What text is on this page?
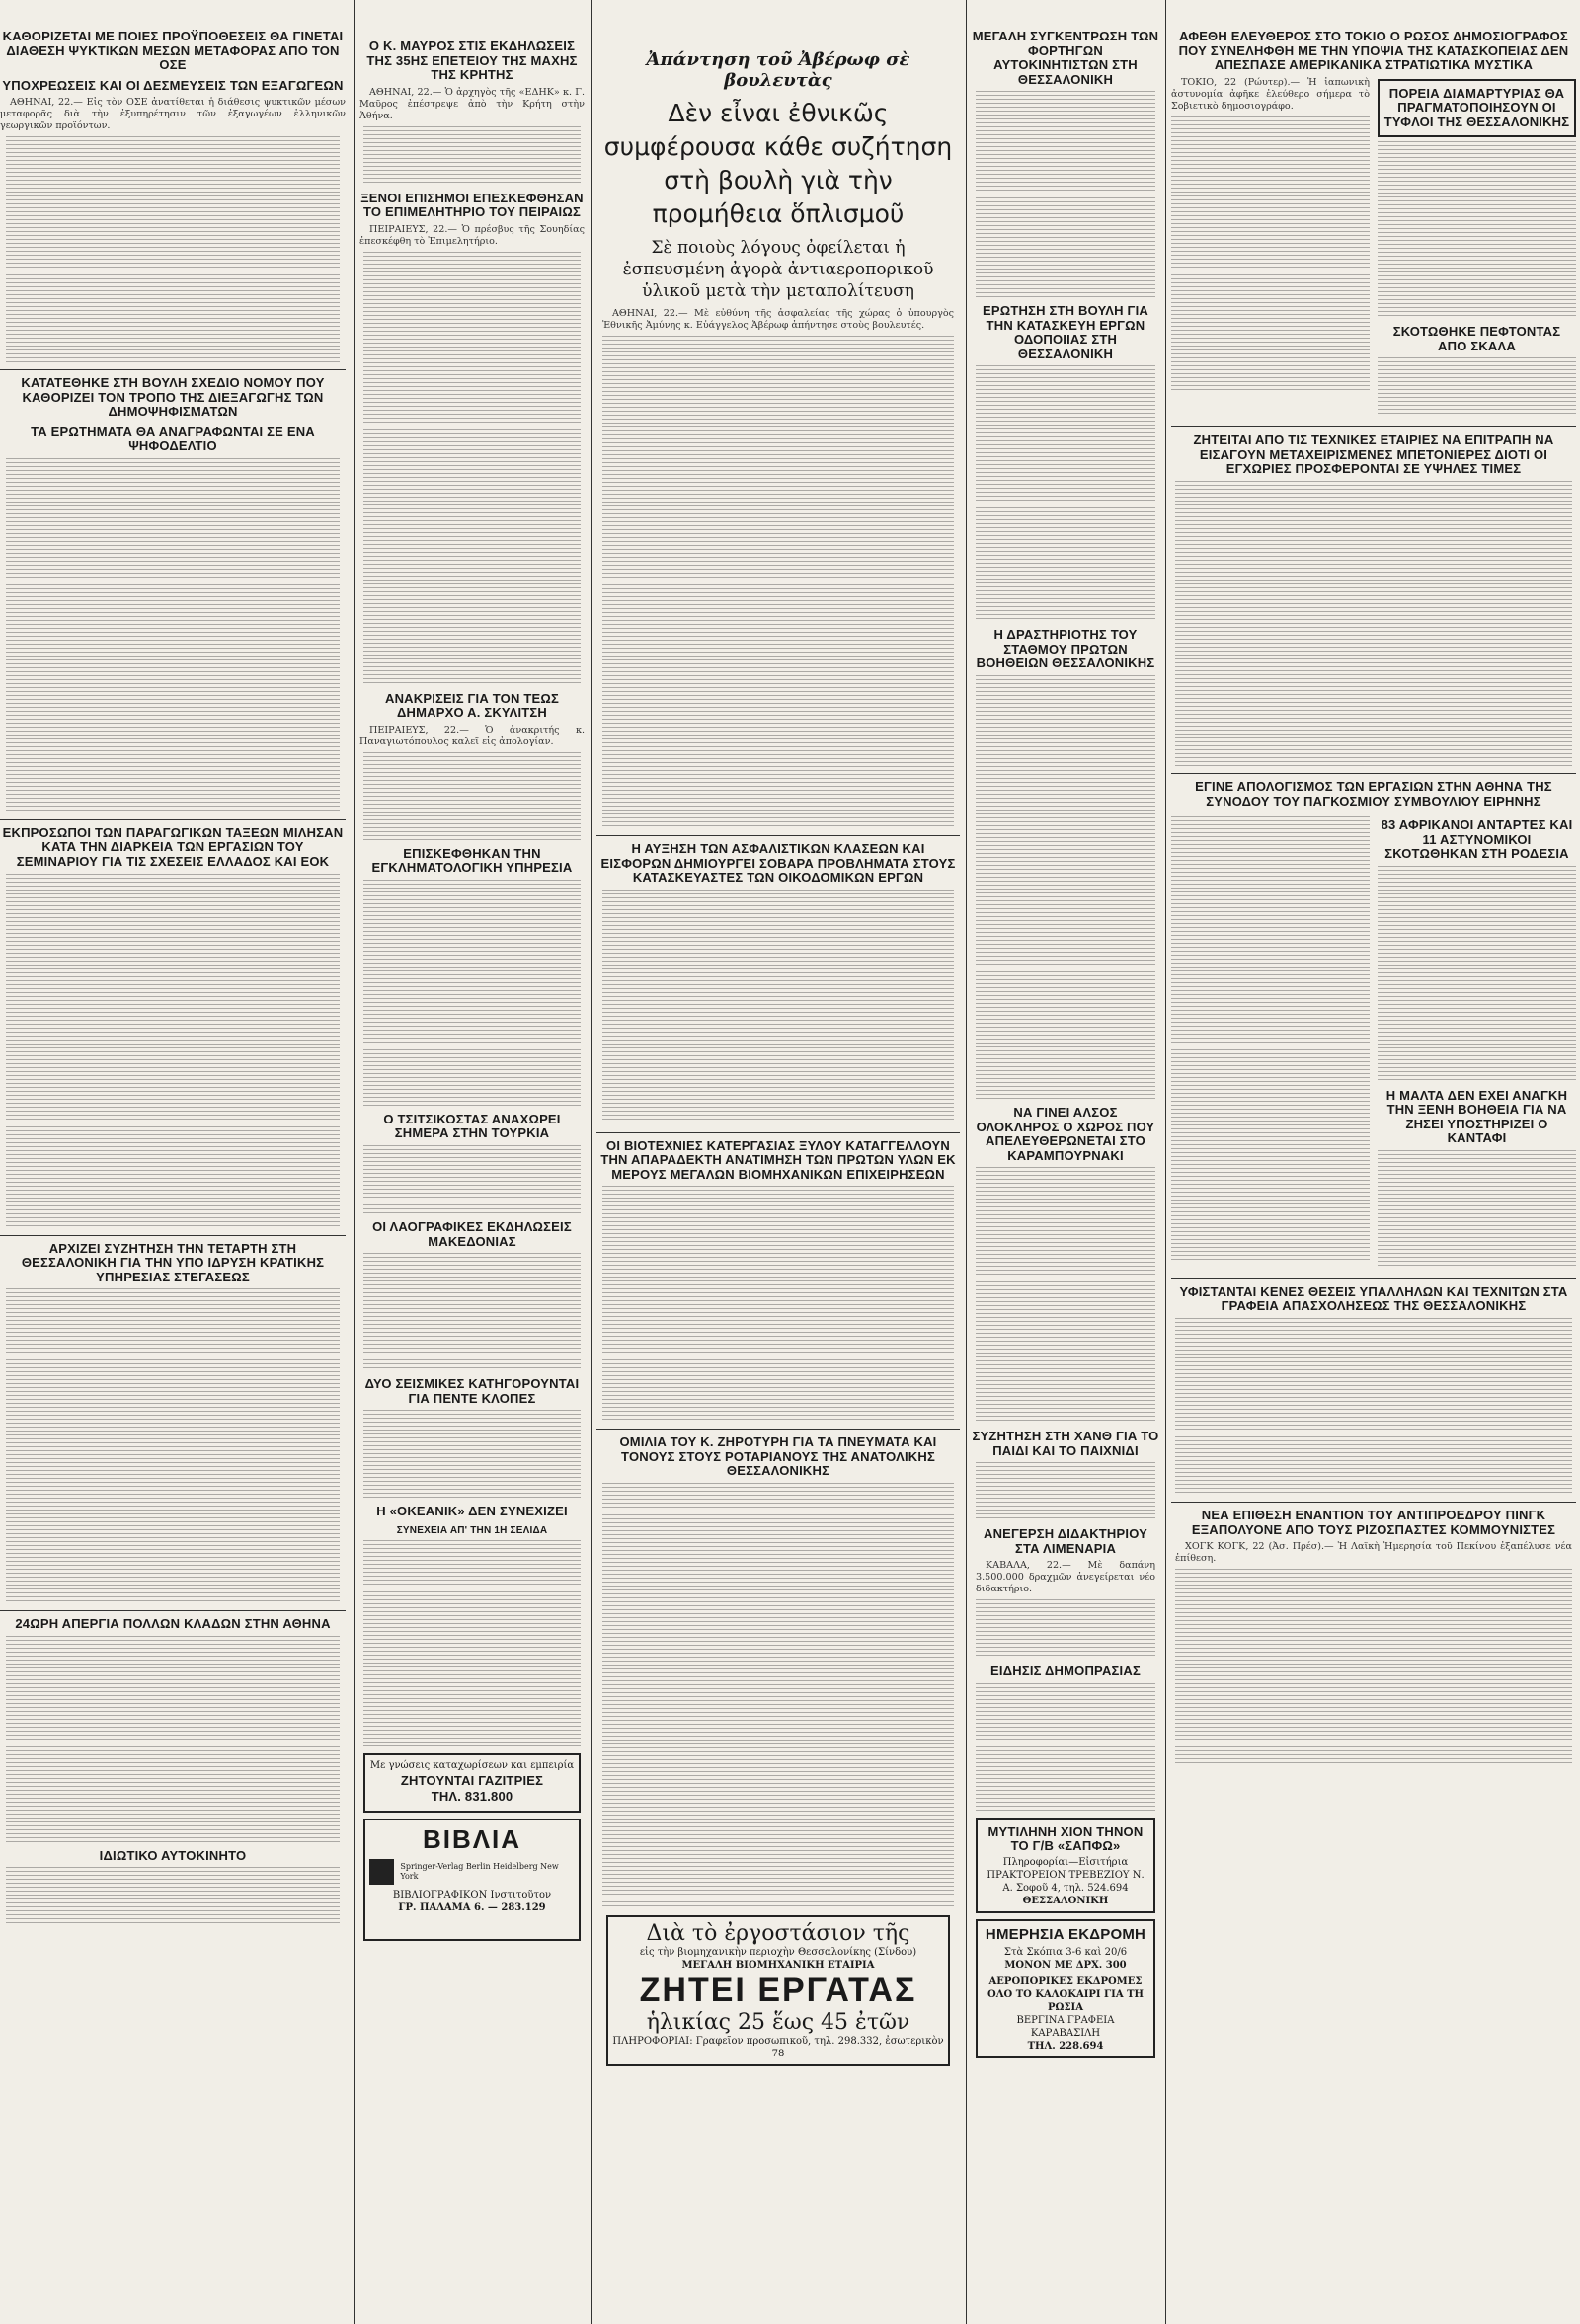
ΚΑΘΟΡΙΖΕΤΑΙ ΜΕ ΠΟΙΕΣ ΠΡΟΫΠΟΘΕΣΕΙΣ ΘΑ ΓΙΝΕΤΑΙ ΔΙΑΘΕΣΗ ΨΥΚΤΙΚΩΝ ΜΕΣΩΝ ΜΕΤΑΦΟΡΑΣ ΑΠΟ ΤΟΝ ΟΣΕ
ΥΠΟΧΡΕΩΣΕΙΣ ΚΑΙ ΟΙ ΔΕΣΜΕΥΣΕΙΣ ΤΩΝ ΕΞΑΓΩΓΕΩΝ

ΑΘΗΝΑΙ, 22.— Εἰς τὸν ΟΣΕ ἀνατίθεται ἡ διάθεσις ψυκτικῶν μέσων μεταφορᾶς διὰ τὴν ἐξυπηρέτησιν τῶν ἐξαγωγέων ἑλληνικῶν γεωργικῶν προϊόντων.

ΚΑΤΑΤΕΘΗΚΕ ΣΤΗ ΒΟΥΛΗ ΣΧΕΔΙΟ ΝΟΜΟΥ ΠΟΥ ΚΑΘΟΡΙΖΕΙ ΤΟΝ ΤΡΟΠΟ ΤΗΣ ΔΙΕΞΑΓΩΓΗΣ ΤΩΝ ΔΗΜΟΨΗΦΙΣΜΑΤΩΝ
ΤΑ ΕΡΩΤΗΜΑΤΑ ΘΑ ΑΝΑΓΡΑΦΩΝΤΑΙ ΣΕ ΕΝΑ ΨΗΦΟΔΕΛΤΙΟ
ΕΚΠΡΟΣΩΠΟΙ ΤΩΝ ΠΑΡΑΓΩΓΙΚΩΝ ΤΑΞΕΩΝ ΜΙΛΗΣΑΝ ΚΑΤΑ ΤΗΝ ΔΙΑΡΚΕΙΑ ΤΩΝ ΕΡΓΑΣΙΩΝ ΤΟΥ ΣΕΜΙΝΑΡΙΟΥ ΓΙΑ ΤΙΣ ΣΧΕΣΕΙΣ ΕΛΛΑΔΟΣ ΚΑΙ ΕΟΚ
ΑΡΧΙΖΕΙ ΣΥΖΗΤΗΣΗ ΤΗΝ ΤΕΤΑΡΤΗ ΣΤΗ ΘΕΣΣΑΛΟΝΙΚΗ ΓΙΑ ΤΗΝ ΥΠΟ ΙΔΡΥΣΗ ΚΡΑΤΙΚΗΣ ΥΠΗΡΕΣΙΑΣ ΣΤΕΓΑΣΕΩΣ
24ΩΡΗ ΑΠΕΡΓΙΑ ΠΟΛΛΩΝ ΚΛΑΔΩΝ ΣΤΗΝ ΑΘΗΝΑ
ΙΔΙΩΤΙΚΟ ΑΥΤΟΚΙΝΗΤΟ
Ο Κ. ΜΑΥΡΟΣ ΣΤΙΣ ΕΚΔΗΛΩΣΕΙΣ ΤΗΣ 35ΗΣ ΕΠΕΤΕΙΟΥ ΤΗΣ ΜΑΧΗΣ ΤΗΣ ΚΡΗΤΗΣ

ΑΘΗΝΑΙ, 22.— Ὁ ἀρχηγὸς τῆς «ΕΔΗΚ» κ. Γ. Μαῦρος ἐπέστρεψε ἀπὸ τὴν Κρήτη στὴν Ἀθήνα.

ΞΕΝΟΙ ΕΠΙΣΗΜΟΙ ΕΠΕΣΚΕΦΘΗΣΑΝ ΤΟ ΕΠΙΜΕΛΗΤΗΡΙΟ ΤΟΥ ΠΕΙΡΑΙΩΣ

ΠΕΙΡΑΙΕΥΣ, 22.— Ὁ πρέσβυς τῆς Σουηδίας ἐπεσκέφθη τὸ Ἐπιμελητήριο.

ΑΝΑΚΡΙΣΕΙΣ ΓΙΑ ΤΟΝ ΤΕΩΣ ΔΗΜΑΡΧΟ Α. ΣΚΥΛΙΤΣΗ

ΠΕΙΡΑΙΕΥΣ, 22.— Ὁ ἀνακριτής κ. Παναγιωτόπουλος καλεῖ εἰς ἀπολογίαν.

ΕΠΙΣΚΕΦΘΗΚΑΝ ΤΗΝ ΕΓΚΛΗΜΑΤΟΛΟΓΙΚΗ ΥΠΗΡΕΣΙΑ
Ο ΤΣΙΤΣΙΚΟΣΤΑΣ ΑΝΑΧΩΡΕΙ ΣΗΜΕΡΑ ΣΤΗΝ ΤΟΥΡΚΙΑ
ΟΙ ΛΑΟΓΡΑΦΙΚΕΣ ΕΚΔΗΛΩΣΕΙΣ ΜΑΚΕΔΟΝΙΑΣ
ΔΥΟ ΣΕΙΣΜΙΚΕΣ ΚΑΤΗΓΟΡΟΥΝΤΑΙ ΓΙΑ ΠΕΝΤΕ ΚΛΟΠΕΣ
Η «ΟΚΕΑΝΙΚ» ΔΕΝ ΣΥΝΕΧΙΖΕΙ
ΣΥΝΕΧΕΙΑ ΑΠ' ΤΗΝ 1Η ΣΕΛΙΔΑ
Με γνώσεις καταχωρίσεων και εμπειρία
ΖΗΤΟΥΝΤΑΙ ΓΑΖΙΤΡΙΕΣ
ΤΗΛ. 831.800
ΒΙΒΛΙΑ
Springer-Verlag Berlin Heidelberg New York
ΒΙΒΛΙΟΓΡΑΦΙΚΟΝ Ινστιτοῦτον
ΓΡ. ΠΑΛΑΜΑ 6. — 283.129
Ἀπάντηση τοῦ Ἀβέρωφ σὲ βουλευτὰς
Δὲν εἶναι ἐθνικῶς συμφέρουσα κάθε συζήτηση στὴ βουλὴ γιὰ τὴν προμήθεια ὅπλισμοῦ
Σὲ ποιοὺς λόγους ὀφείλεται ἡ ἐσπευσμένη ἀγορὰ ἀντιαεροπορικοῦ ὑλικοῦ μετὰ τὴν μεταπολίτευση

ΑΘΗΝΑΙ, 22.— Μὲ εὐθύνη τῆς ἀσφαλείας τῆς χώρας ὁ ὑπουργὸς Ἐθνικῆς Ἀμύνης κ. Εὐάγγελος Ἀβέρωφ ἀπήντησε στοὺς βουλευτές.

Η ΑΥΞΗΣΗ ΤΩΝ ΑΣΦΑΛΙΣΤΙΚΩΝ ΚΛΑΣΕΩΝ ΚΑΙ ΕΙΣΦΟΡΩΝ ΔΗΜΙΟΥΡΓΕΙ ΣΟΒΑΡΑ ΠΡΟΒΛΗΜΑΤΑ ΣΤΟΥΣ ΚΑΤΑΣΚΕΥΑΣΤΕΣ ΤΩΝ ΟΙΚΟΔΟΜΙΚΩΝ ΕΡΓΩΝ
ΟΙ ΒΙΟΤΕΧΝΙΕΣ ΚΑΤΕΡΓΑΣΙΑΣ ΞΥΛΟΥ ΚΑΤΑΓΓΕΛΛΟΥΝ ΤΗΝ ΑΠΑΡΑΔΕΚΤΗ ΑΝΑΤΙΜΗΣΗ ΤΩΝ ΠΡΩΤΩΝ ΥΛΩΝ ΕΚ ΜΕΡΟΥΣ ΜΕΓΑΛΩΝ ΒΙΟΜΗΧΑΝΙΚΩΝ ΕΠΙΧΕΙΡΗΣΕΩΝ
ΟΜΙΛΙΑ ΤΟΥ Κ. ΖΗΡΟΤΥΡΗ ΓΙΑ ΤΑ ΠΝΕΥΜΑΤΑ ΚΑΙ ΤΟΝΟΥΣ ΣΤΟΥΣ ΡΟΤΑΡΙΑΝΟΥΣ ΤΗΣ ΑΝΑΤΟΛΙΚΗΣ ΘΕΣΣΑΛΟΝΙΚΗΣ
Διὰ τὸ ἐργοστάσιον τῆς
εἰς τὴν βιομηχανικὴν περιοχὴν Θεσσαλονίκης (Σίνδου)
ΜΕΓΑΛΗ ΒΙΟΜΗΧΑΝΙΚΗ ΕΤΑΙΡΙΑ
ΖΗΤΕΙ ΕΡΓΑΤΑΣ
ἡλικίας 25 ἕως 45 ἐτῶν
ΠΛΗΡΟΦΟΡΙΑΙ: Γραφεῖον προσωπικοῦ, τηλ. 298.332, ἐσωτερικὸν 78
ΜΕΓΑΛΗ ΣΥΓΚΕΝΤΡΩΣΗ ΤΩΝ ΦΟΡΤΗΓΩΝ ΑΥΤΟΚΙΝΗΤΙΣΤΩΝ ΣΤΗ ΘΕΣΣΑΛΟΝΙΚΗ
ΕΡΩΤΗΣΗ ΣΤΗ ΒΟΥΛΗ ΓΙΑ ΤΗΝ ΚΑΤΑΣΚΕΥΗ ΕΡΓΩΝ ΟΔΟΠΟΙΙΑΣ ΣΤΗ ΘΕΣΣΑΛΟΝΙΚΗ
Η ΔΡΑΣΤΗΡΙΟΤΗΣ ΤΟΥ ΣΤΑΘΜΟΥ ΠΡΩΤΩΝ ΒΟΗΘΕΙΩΝ ΘΕΣΣΑΛΟΝΙΚΗΣ
ΝΑ ΓΙΝΕΙ ΑΛΣΟΣ ΟΛΟΚΛΗΡΟΣ Ο ΧΩΡΟΣ ΠΟΥ ΑΠΕΛΕΥΘΕΡΩΝΕΤΑΙ ΣΤΟ ΚΑΡΑΜΠΟΥΡΝΑΚΙ
ΣΥΖΗΤΗΣΗ ΣΤΗ ΧΑΝΘ ΓΙΑ ΤΟ ΠΑΙΔΙ ΚΑΙ ΤΟ ΠΑΙΧΝΙΔΙ
ΑΝΕΓΕΡΣΗ ΔΙΔΑΚΤΗΡΙΟΥ ΣΤΑ ΛΙΜΕΝΑΡΙΑ

ΚΑΒΑΛΑ, 22.— Μὲ δαπάνη 3.500.000 δραχμῶν ἀνεγείρεται νέο διδακτήριο.

ΕΙΔΗΣΙΣ ΔΗΜΟΠΡΑΣΙΑΣ
ΜΥΤΙΛΗΝΗ ΧΙΟΝ ΤΗΝΟΝ ΤΟ Γ/Β «ΣΑΠΦΩ»
Πληροφορίαι—Εἰσιτήρια ΠΡΑΚΤΟΡΕΙΟΝ ΤΡΕΒΕΖΙΟΥ Ν.
Α. Σοφοῦ 4, τηλ. 524.694
ΘΕΣΣΑΛΟΝΙΚΗ
ΗΜΕΡΗΣΙΑ ΕΚΔΡΟΜΗ
Στὰ Σκόπια 3-6 καὶ 20/6
ΜΟΝΟΝ ΜΕ ΔΡΧ. 300
ΑΕΡΟΠΟΡΙΚΕΣ ΕΚΔΡΟΜΕΣ
ΟΛΟ ΤΟ ΚΑΛΟΚΑΙΡΙ ΓΙΑ ΤΗ ΡΩΣΙΑ
ΒΕΡΓΙΝΑ ΓΡΑΦΕΙΑ ΚΑΡΑΒΑΣΙΛΗ
ΤΗΛ. 228.694
ΑΦΕΘΗ ΕΛΕΥΘΕΡΟΣ ΣΤΟ ΤΟΚΙΟ Ο ΡΩΣΟΣ ΔΗΜΟΣΙΟΓΡΑΦΟΣ ΠΟΥ ΣΥΝΕΛΗΦΘΗ ΜΕ ΤΗΝ ΥΠΟΨΙΑ ΤΗΣ ΚΑΤΑΣΚΟΠΕΙΑΣ ΔΕΝ ΑΠΕΣΠΑΣΕ ΑΜΕΡΙΚΑΝΙΚΑ ΣΤΡΑΤΙΩΤΙΚΑ ΜΥΣΤΙΚΑ

ΤΟΚΙΟ, 22 (Ρώυτερ).— Ἡ ἰαπωνικὴ ἀστυνομία ἀφῆκε ἐλεύθερο σήμερα τὸ Σοβιετικὸ δημοσιογράφο.

ΠΟΡΕΙΑ ΔΙΑΜΑΡΤΥΡΙΑΣ ΘΑ ΠΡΑΓΜΑΤΟΠΟΙΗΣΟΥΝ ΟΙ ΤΥΦΛΟΙ ΤΗΣ ΘΕΣΣΑΛΟΝΙΚΗΣ
ΣΚΟΤΩΘΗΚΕ ΠΕΦΤΟΝΤΑΣ ΑΠΟ ΣΚΑΛΑ
ΖΗΤΕΙΤΑΙ ΑΠΟ ΤΙΣ ΤΕΧΝΙΚΕΣ ΕΤΑΙΡΙΕΣ ΝΑ ΕΠΙΤΡΑΠΗ ΝΑ ΕΙΣΑΓΟΥΝ ΜΕΤΑΧΕΙΡΙΣΜΕΝΕΣ ΜΠΕΤΟΝΙΕΡΕΣ ΔΙΟΤΙ ΟΙ ΕΓΧΩΡΙΕΣ ΠΡΟΣΦΕΡΟΝΤΑΙ ΣΕ ΥΨΗΛΕΣ ΤΙΜΕΣ
ΕΓΙΝΕ ΑΠΟΛΟΓΙΣΜΟΣ ΤΩΝ ΕΡΓΑΣΙΩΝ ΣΤΗΝ ΑΘΗΝΑ ΤΗΣ ΣΥΝΟΔΟΥ ΤΟΥ ΠΑΓΚΟΣΜΙΟΥ ΣΥΜΒΟΥΛΙΟΥ ΕΙΡΗΝΗΣ
83 ΑΦΡΙΚΑΝΟΙ ΑΝΤΑΡΤΕΣ ΚΑΙ 11 ΑΣΤΥΝΟΜΙΚΟΙ ΣΚΟΤΩΘΗΚΑΝ ΣΤΗ ΡΟΔΕΣΙΑ
Η ΜΑΛΤΑ ΔΕΝ ΕΧΕΙ ΑΝΑΓΚΗ ΤΗΝ ΞΕΝΗ ΒΟΗΘΕΙΑ ΓΙΑ ΝΑ ΖΗΣΕΙ ΥΠΟΣΤΗΡΙΖΕΙ Ο ΚΑΝΤΑΦΙ
ΥΦΙΣΤΑΝΤΑΙ ΚΕΝΕΣ ΘΕΣΕΙΣ ΥΠΑΛΛΗΛΩΝ ΚΑΙ ΤΕΧΝΙΤΩΝ ΣΤΑ ΓΡΑΦΕΙΑ ΑΠΑΣΧΟΛΗΣΕΩΣ ΤΗΣ ΘΕΣΣΑΛΟΝΙΚΗΣ
ΝΕΑ ΕΠΙΘΕΣΗ ΕΝΑΝΤΙΟΝ ΤΟΥ ΑΝΤΙΠΡΟΕΔΡΟΥ ΠΙΝΓΚ ΕΞΑΠΟΛΥΟΝΕ ΑΠΟ ΤΟΥΣ ΡΙΖΟΣΠΑΣΤΕΣ ΚΟΜΜΟΥΝΙΣΤΕΣ

ΧΟΓΚ ΚΟΓΚ, 22 (Ἀσ. Πρέσ).— Ἡ Λαϊκὴ Ἡμερησία τοῦ Πεκίνου ἐξαπέλυσε νέα ἐπίθεση.
